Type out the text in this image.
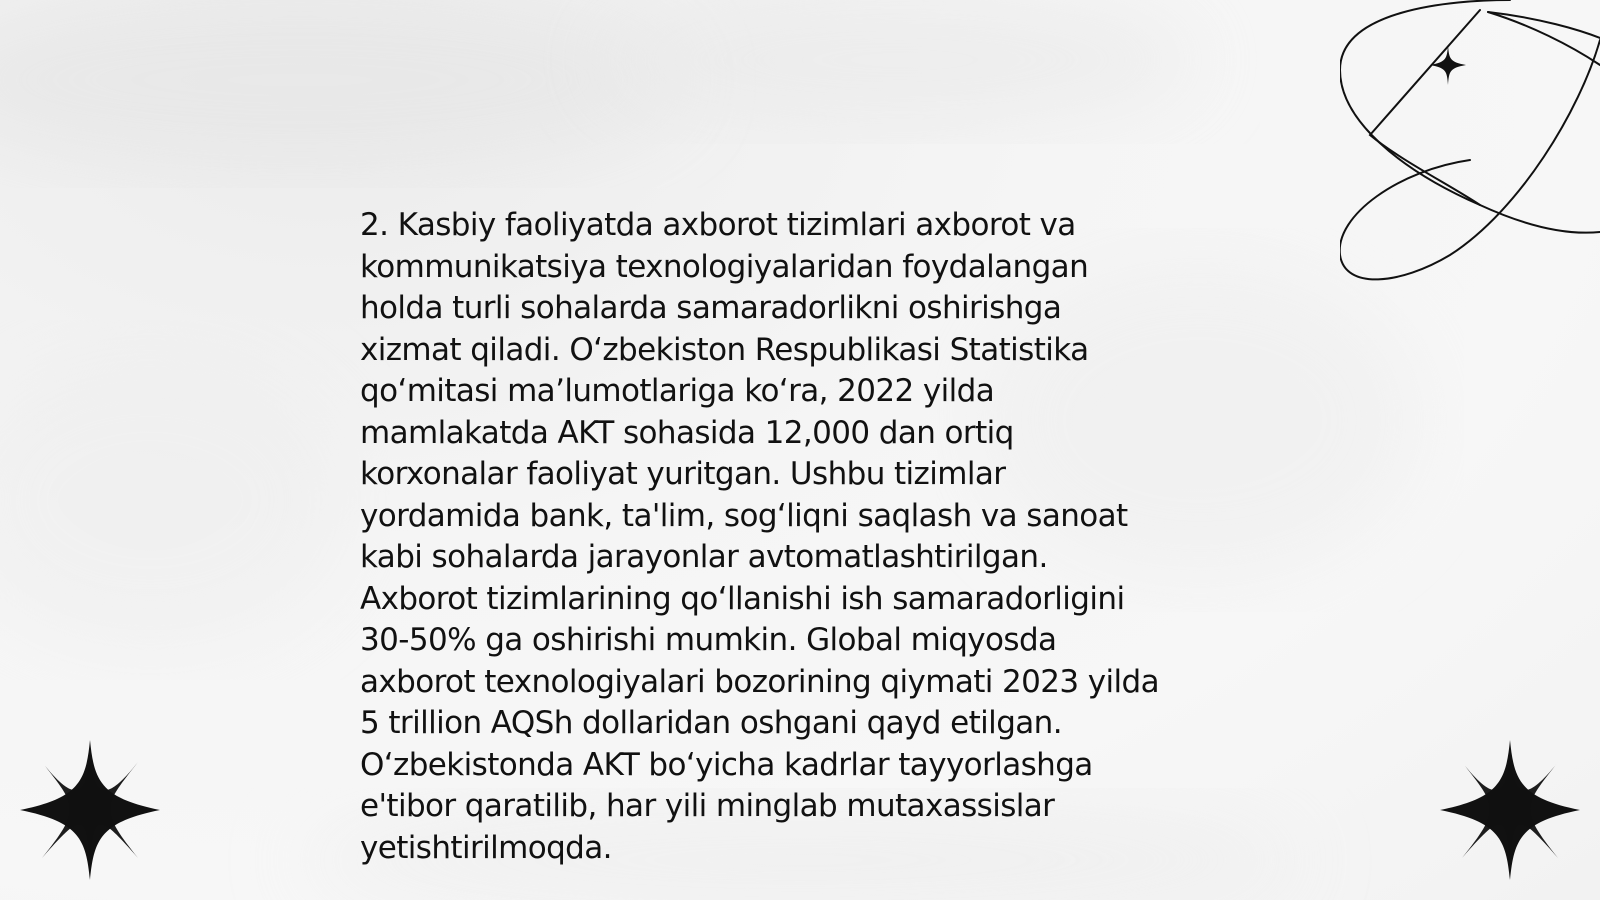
2. Kasbiy faoliyatda axborot tizimlari axborot va
kommunikatsiya texnologiyalaridan foydalangan
holda turli sohalarda samaradorlikni oshirishga
xizmat qiladi. O‘zbekiston Respublikasi Statistika
qo‘mitasi ma’lumotlariga ko‘ra, 2022 yilda
mamlakatda AKT sohasida 12,000 dan ortiq
korxonalar faoliyat yuritgan. Ushbu tizimlar
yordamida bank, ta'lim, sog‘liqni saqlash va sanoat
kabi sohalarda jarayonlar avtomatlashtirilgan.
Axborot tizimlarining qo‘llanishi ish samaradorligini
30-50% ga oshirishi mumkin. Global miqyosda
axborot texnologiyalari bozorining qiymati 2023 yilda
5 trillion AQSh dollaridan oshgani qayd etilgan.
O‘zbekistonda AKT bo‘yicha kadrlar tayyorlashga
e'tibor qaratilib, har yili minglab mutaxassislar
yetishtirilmoqda.
